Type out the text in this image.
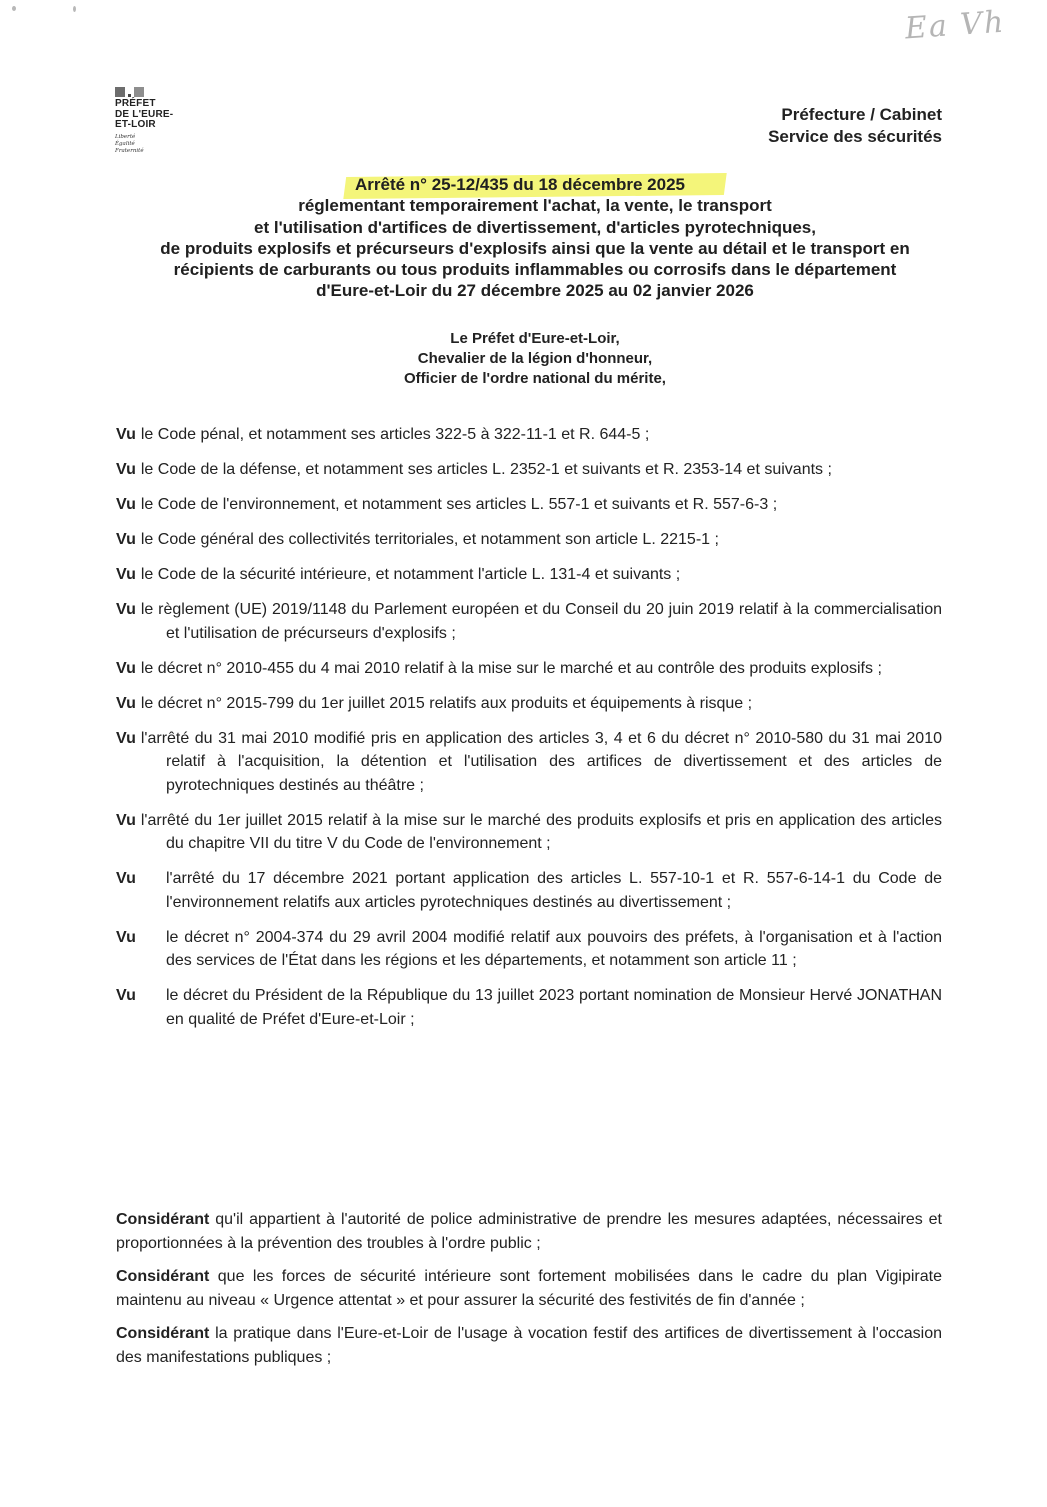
Ea Vh
PRÉFET
DE L'EURE-
ET-LOIR
Liberté
Égalité
Fraternité
Préfecture / Cabinet
Service des sécurités
Arrêté n° 25-12/435 du 18 décembre 2025
réglementant temporairement l'achat, la vente, le transport
et l'utilisation d'artifices de divertissement, d'articles pyrotechniques,
de produits explosifs et précurseurs d'explosifs ainsi que la vente au détail et le transport en
récipients de carburants ou tous produits inflammables ou corrosifs dans le département
d'Eure-et-Loir du 27 décembre 2025 au 02 janvier 2026
Le Préfet d'Eure-et-Loir,
Chevalier de la légion d'honneur,
Officier de l'ordre national du mérite,
Vu le Code pénal, et notamment ses articles 322-5 à 322-11-1 et R. 644-5 ;
Vu le Code de la défense, et notamment ses articles L. 2352-1 et suivants et R. 2353-14 et suivants ;
Vu le Code de l'environnement, et notamment ses articles L. 557-1 et suivants et R. 557-6-3 ;
Vu le Code général des collectivités territoriales, et notamment son article L. 2215-1 ;
Vu le Code de la sécurité intérieure, et notamment l'article L. 131-4 et suivants ;
Vu le règlement (UE) 2019/1148 du Parlement européen et du Conseil du 20 juin 2019 relatif à la commercialisation et l'utilisation de précurseurs d'explosifs ;
Vu le décret n° 2010-455 du 4 mai 2010 relatif à la mise sur le marché et au contrôle des produits explosifs ;
Vu le décret n° 2015-799 du 1er juillet 2015 relatifs aux produits et équipements à risque ;
Vu l'arrêté du 31 mai 2010 modifié pris en application des articles 3, 4 et 6 du décret n° 2010-580 du 31 mai 2010 relatif à l'acquisition, la détention et l'utilisation des artifices de divertissement et des articles de pyrotechniques destinés au théâtre ;
Vu l'arrêté du 1er juillet 2015 relatif à la mise sur le marché des produits explosifs et pris en application des articles du chapitre VII du titre V du Code de l'environnement ;
Vu	l'arrêté du 17 décembre 2021 portant application des articles L. 557-10-1 et R. 557-6-14-1 du Code de l'environnement relatifs aux articles pyrotechniques destinés au divertissement ;
Vu	le décret n° 2004-374 du 29 avril 2004 modifié relatif aux pouvoirs des préfets, à l'organisation et à l'action des services de l'État dans les régions et les départements, et notamment son article 11 ;
Vu	le décret du Président de la République du 13 juillet 2023 portant nomination de Monsieur Hervé JONATHAN en qualité de Préfet d'Eure-et-Loir ;
Considérant qu'il appartient à l'autorité de police administrative de prendre les mesures adaptées, nécessaires et proportionnées à la prévention des troubles à l'ordre public ;
Considérant que les forces de sécurité intérieure sont fortement mobilisées dans le cadre du plan Vigipirate maintenu au niveau « Urgence attentat » et pour assurer la sécurité des festivités de fin d'année ;
Considérant la pratique dans l'Eure-et-Loir de l'usage à vocation festif des artifices de divertissement à l'occasion des manifestations publiques ;
